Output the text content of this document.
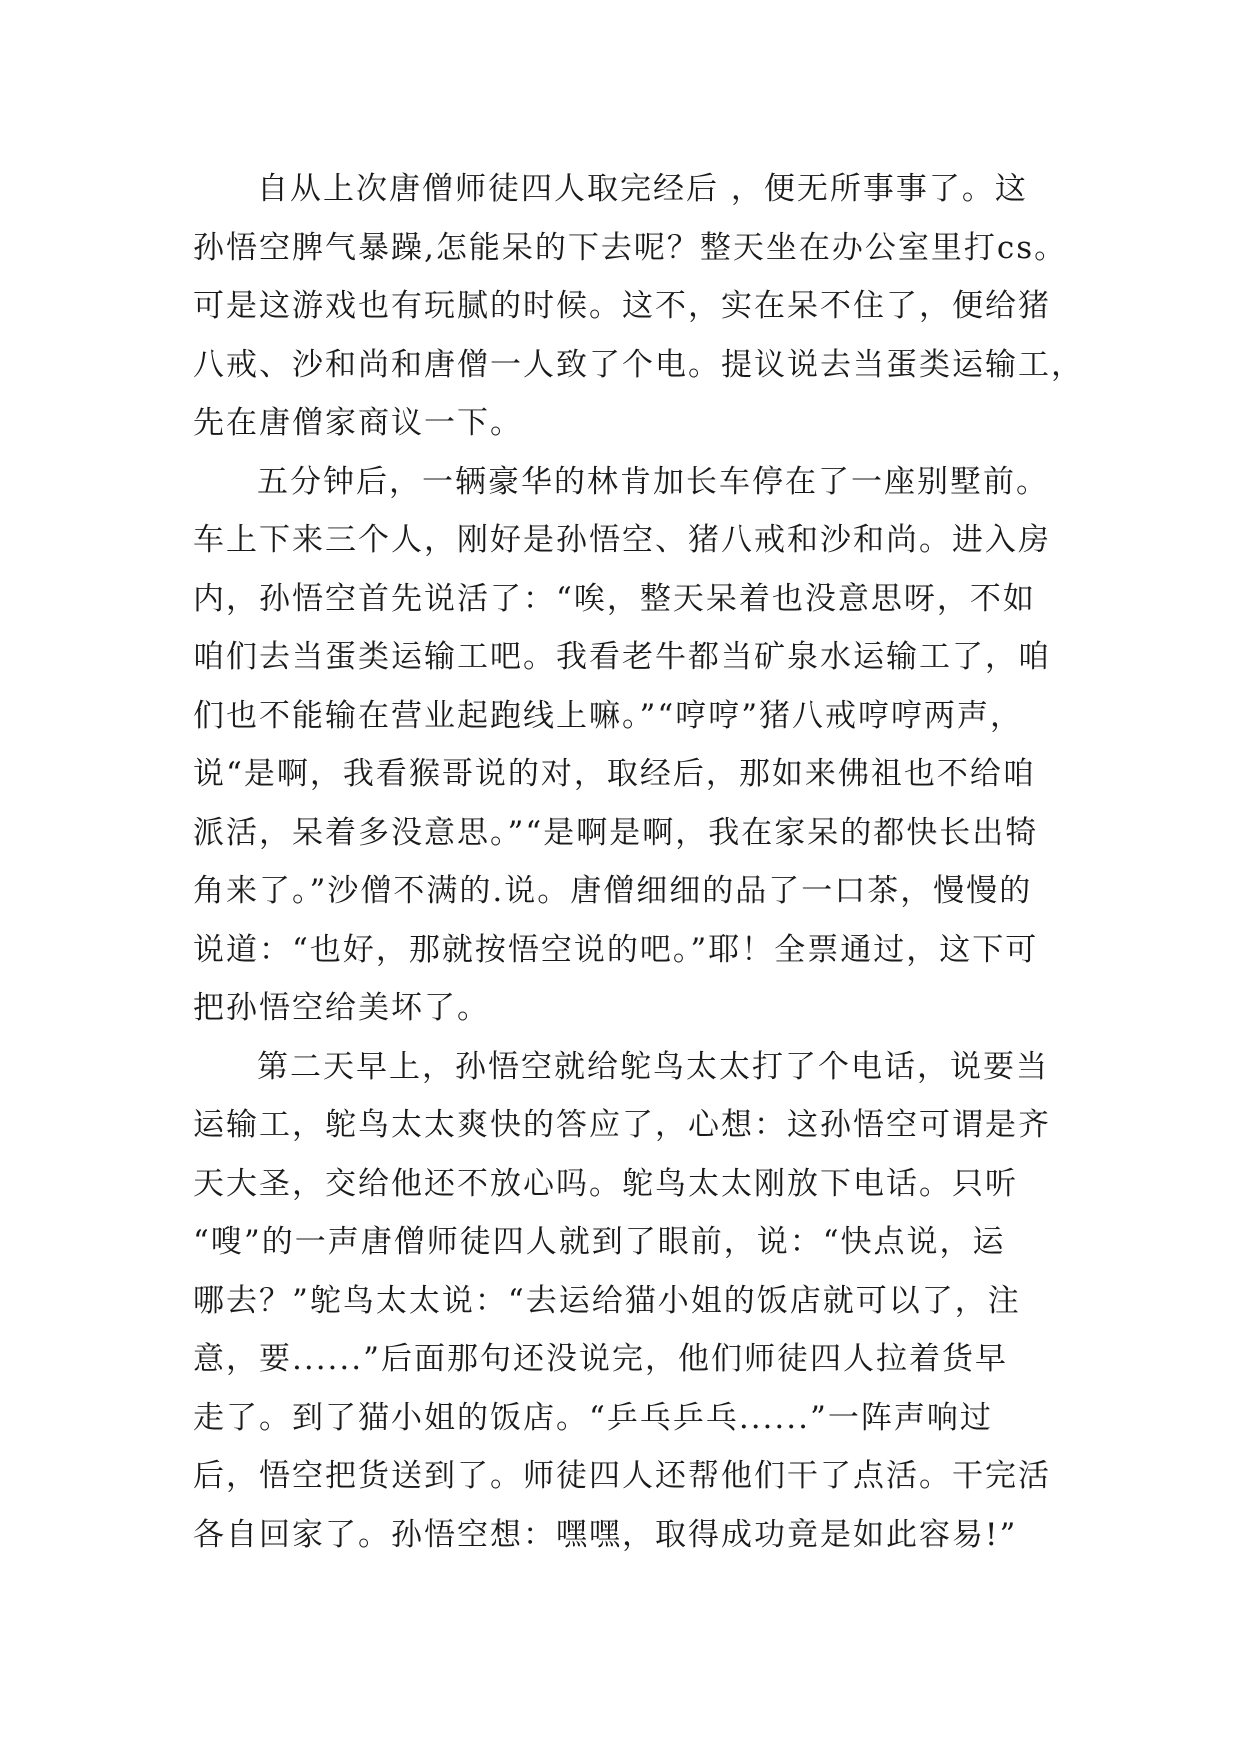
自从上次唐僧师徒四人取完经后 ，便无所事事了。这
孙悟空脾气暴躁,怎能呆的下去呢？整天坐在办公室里打cs。
可是这游戏也有玩腻的时候。这不，实在呆不住了，便给猪
八戒、沙和尚和唐僧一人致了个电。提议说去当蛋类运输工，
先在唐僧家商议一下。
五分钟后，一辆豪华的林肯加长车停在了一座别墅前。
车上下来三个人，刚好是孙悟空、猪八戒和沙和尚。进入房
内，孙悟空首先说活了：“唉，整天呆着也没意思呀，不如
咱们去当蛋类运输工吧。我看老牛都当矿泉水运输工了，咱
们也不能输在营业起跑线上嘛。”“哼哼”猪八戒哼哼两声，
说“是啊，我看猴哥说的对，取经后，那如来佛祖也不给咱
派活，呆着多没意思。”“是啊是啊，我在家呆的都快长出犄
角来了。”沙僧不满的.说。唐僧细细的品了一口茶，慢慢的
说道：“也好，那就按悟空说的吧。”耶！全票通过，这下可
把孙悟空给美坏了。
第二天早上，孙悟空就给鸵鸟太太打了个电话，说要当
运输工，鸵鸟太太爽快的答应了，心想：这孙悟空可谓是齐
天大圣，交给他还不放心吗。鸵鸟太太刚放下电话。只听
“嗖”的一声唐僧师徒四人就到了眼前，说：“快点说，运
哪去？”鸵鸟太太说：“去运给猫小姐的饭店就可以了，注
意，要......”后面那句还没说完，他们师徒四人拉着货早
走了。到了猫小姐的饭店。“乒乓乒乓......”一阵声响过
后，悟空把货送到了。师徒四人还帮他们干了点活。干完活
各自回家了。孙悟空想：嘿嘿，取得成功竟是如此容易!”
